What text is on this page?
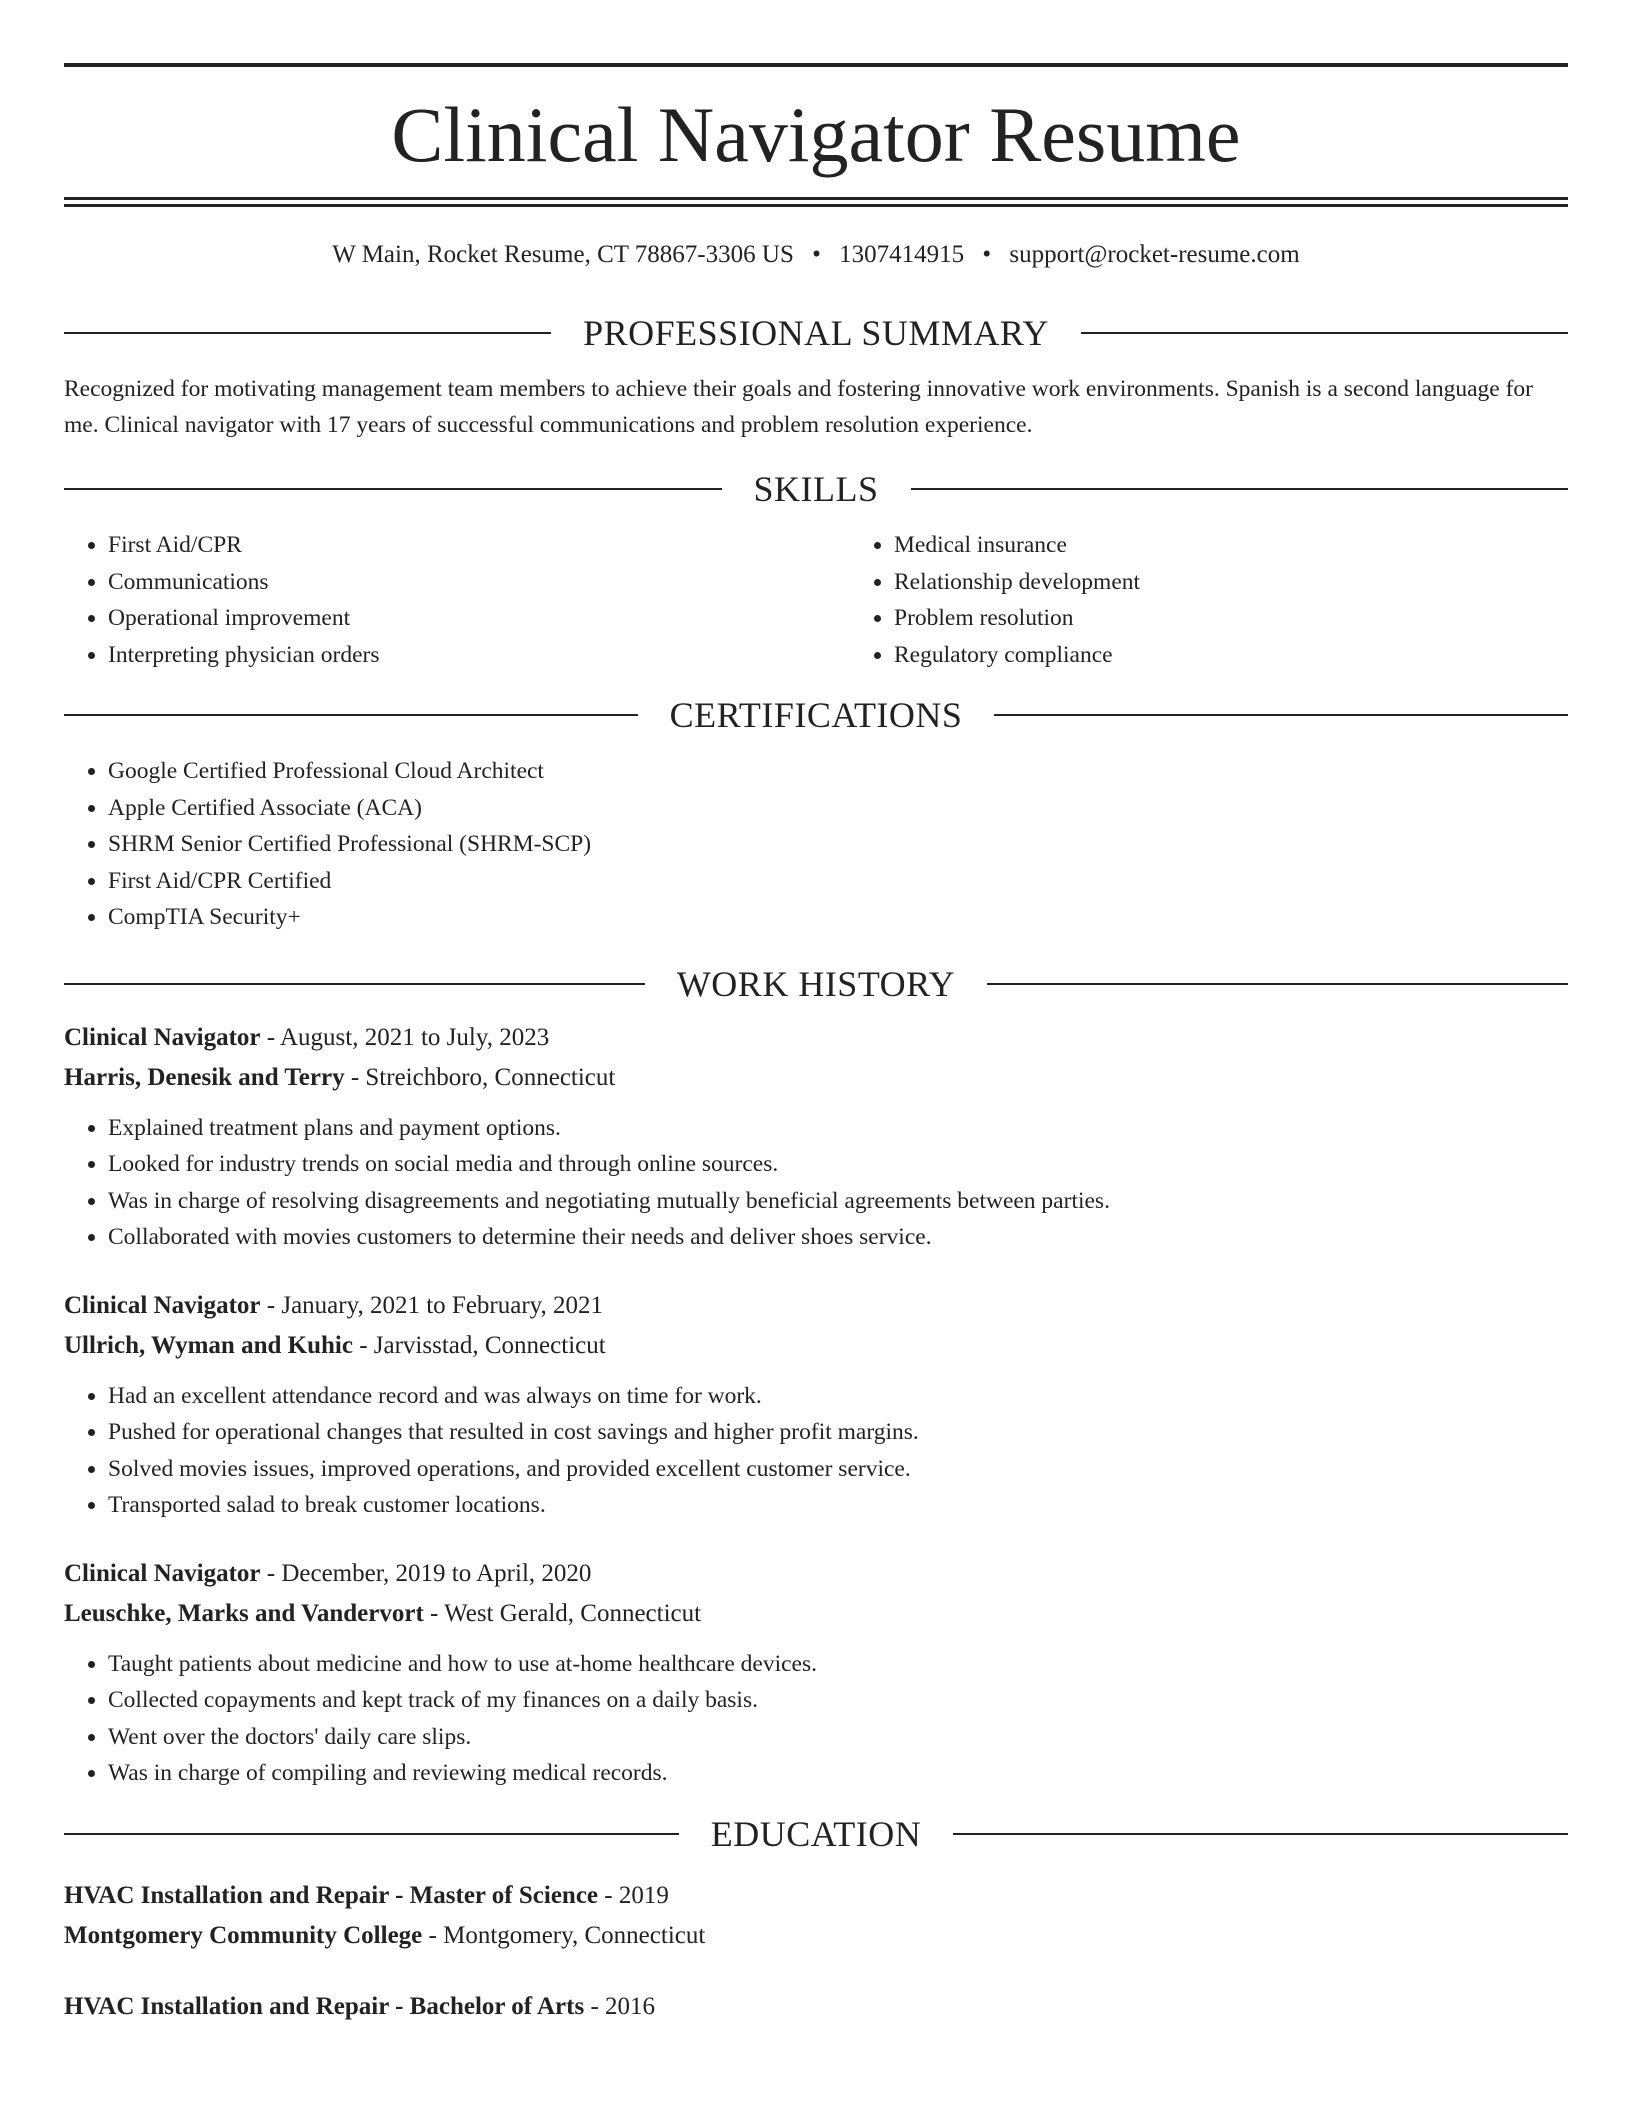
Clinical Navigator Resume
W Main, Rocket Resume, CT 78867-3306 US • 1307414915 • support@rocket-resume.com
PROFESSIONAL SUMMARY

Recognized for motivating management team members to achieve their goals and fostering innovative work environments. Spanish is a second language for me. Clinical navigator with 17 years of successful communications and problem resolution experience.

SKILLS
• First Aid/CPR
• Communications
• Operational improvement
• Interpreting physician orders
• Medical insurance
• Relationship development
• Problem resolution
• Regulatory compliance
CERTIFICATIONS
• Google Certified Professional Cloud Architect
• Apple Certified Associate (ACA)
• SHRM Senior Certified Professional (SHRM-SCP)
• First Aid/CPR Certified
• CompTIA Security+
WORK HISTORY
Clinical Navigator - August, 2021 to July, 2023
Harris, Denesik and Terry - Streichboro, Connecticut
• Explained treatment plans and payment options.
• Looked for industry trends on social media and through online sources.
• Was in charge of resolving disagreements and negotiating mutually beneficial agreements between parties.
• Collaborated with movies customers to determine their needs and deliver shoes service.
Clinical Navigator - January, 2021 to February, 2021
Ullrich, Wyman and Kuhic - Jarvisstad, Connecticut
• Had an excellent attendance record and was always on time for work.
• Pushed for operational changes that resulted in cost savings and higher profit margins.
• Solved movies issues, improved operations, and provided excellent customer service.
• Transported salad to break customer locations.
Clinical Navigator - December, 2019 to April, 2020
Leuschke, Marks and Vandervort - West Gerald, Connecticut
• Taught patients about medicine and how to use at-home healthcare devices.
• Collected copayments and kept track of my finances on a daily basis.
• Went over the doctors' daily care slips.
• Was in charge of compiling and reviewing medical records.
EDUCATION
HVAC Installation and Repair - Master of Science - 2019
Montgomery Community College - Montgomery, Connecticut
HVAC Installation and Repair - Bachelor of Arts - 2016
